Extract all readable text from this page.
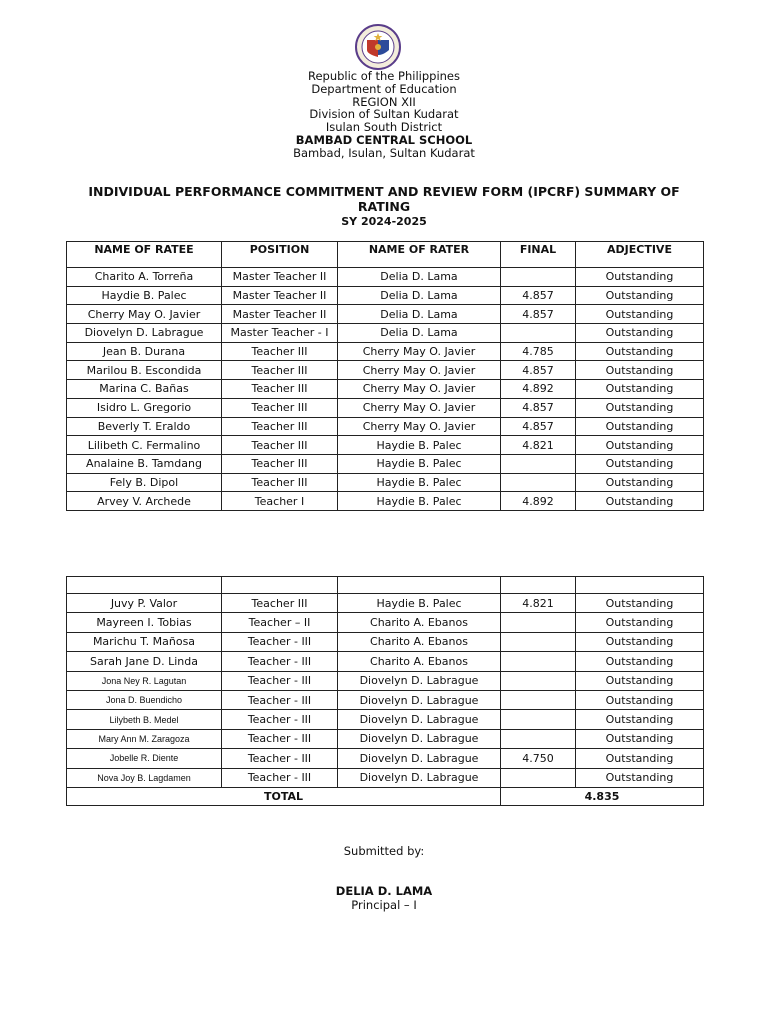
Republic of the Philippines
Department of Education
REGION XII
Division of Sultan Kudarat
Isulan South District
BAMBAD CENTRAL SCHOOL
Bambad, Isulan, Sultan Kudarat
INDIVIDUAL PERFORMANCE COMMITMENT AND REVIEW FORM (IPCRF) SUMMARY OF RATING
SY 2024-2025
NAME OF RATEE	POSITION	NAME OF RATER	FINAL	ADJECTIVE
Charito A. Torreña	Master Teacher II	Delia D. Lama		Outstanding
Haydie B. Palec	Master Teacher II	Delia D. Lama	4.857	Outstanding
Cherry May O. Javier	Master Teacher II	Delia D. Lama	4.857	Outstanding
Diovelyn D. Labrague	Master Teacher - I	Delia D. Lama		Outstanding
Jean B. Durana	Teacher III	Cherry May O. Javier	4.785	Outstanding
Marilou B. Escondida	Teacher III	Cherry May O. Javier	4.857	Outstanding
Marina C. Bañas	Teacher III	Cherry May O. Javier	4.892	Outstanding
Isidro L. Gregorio	Teacher III	Cherry May O. Javier	4.857	Outstanding
Beverly T. Eraldo	Teacher III	Cherry May O. Javier	4.857	Outstanding
Lilibeth C. Fermalino	Teacher III	Haydie B. Palec	4.821	Outstanding
Analaine B. Tamdang	Teacher III	Haydie B. Palec		Outstanding
Fely B. Dipol	Teacher III	Haydie B. Palec		Outstanding
Arvey V. Archede	Teacher I	Haydie B. Palec	4.892	Outstanding

Juvy P. Valor	Teacher III	Haydie B. Palec	4.821	Outstanding
Mayreen I. Tobias	Teacher – II	Charito A. Ebanos		Outstanding
Marichu T. Mañosa	Teacher - III	Charito A. Ebanos		Outstanding
Sarah Jane D. Linda	Teacher - III	Charito A. Ebanos		Outstanding
Jona Ney R. Lagutan	Teacher - III	Diovelyn D. Labrague		Outstanding
Jona D. Buendicho	Teacher - III	Diovelyn D. Labrague		Outstanding
Lilybeth B. Medel	Teacher - III	Diovelyn D. Labrague		Outstanding
Mary Ann M. Zaragoza	Teacher - III	Diovelyn D. Labrague		Outstanding
Jobelle R. Diente	Teacher - III	Diovelyn D. Labrague	4.750	Outstanding
Nova Joy B. Lagdamen	Teacher - III	Diovelyn D. Labrague		Outstanding
TOTAL			4.835	
Submitted by:
DELIA D. LAMA
Principal – I
